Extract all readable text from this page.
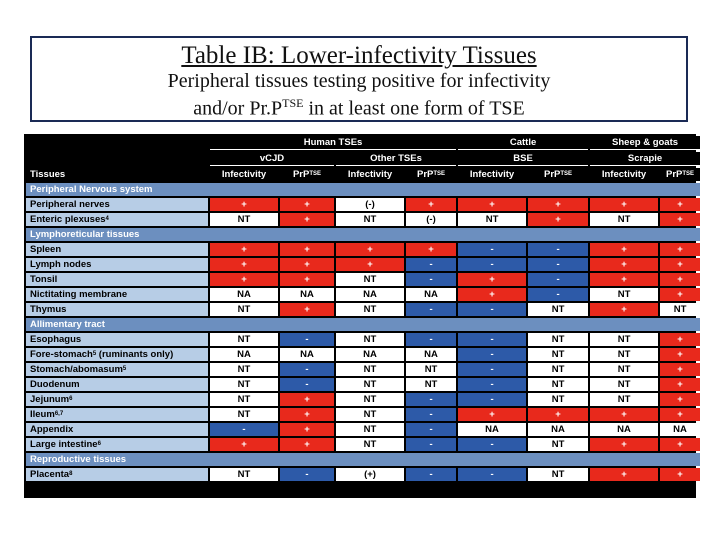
Table IB: Lower-infectivity Tissues
Peripheral tissues testing positive for infectivity
and/or $Pr.P^{TSE}$ in at least one form of TSE
	Human TSEs				Cattle		Sheep & goats	
	vCJD		Other TSEs		BSE		Scrapie	
Tissues	Infectivity	PrP$^{TSE}$	Infectivity	PrP$^{TSE}$	Infectivity	PrP$^{TSE}$	Infectivity	PrP$^{TSE}$
Peripheral Nervous system								
Peripheral nerves	+	+	(-)	+	+	+	+	+
Enteric plexuses$^4$	NT	+	NT	(-)	NT	+	NT	+
Lymphoreticular tissues								
Spleen	+	+	+	+	-	-	+	+
Lymph nodes	+	+	+	-	-	-	+	+
Tonsil	+	+	NT	-	+	-	+	+
Nictitating membrane	NA	NA	NA	NA	+	-	NT	+
Thymus	NT	+	NT	-	-	NT	+	NT
Allimentary tract								
Esophagus	NT	-	NT	-	-	NT	NT	+
Fore-stomach$^5$ (ruminants only)	NA	NA	NA	NA	-	NT	NT	+
Stomach/abomasum$^5$	NT	-	NT	NT	-	NT	NT	+
Duodenum	NT	-	NT	NT	-	NT	NT	+
Jejunum$^6$	NT	+	NT	-	-	NT	NT	+
Ileum$^{6,7}$	NT	+	NT	-	+	+	+	+
Appendix	-	+	NT	-	NA	NA	NA	NA
Large intestine$^6$	+	+	NT	-	-	NT	+	+
Reproductive tissues								
Placenta$^8$	NT	-	(+)	-	-	NT	+	+
